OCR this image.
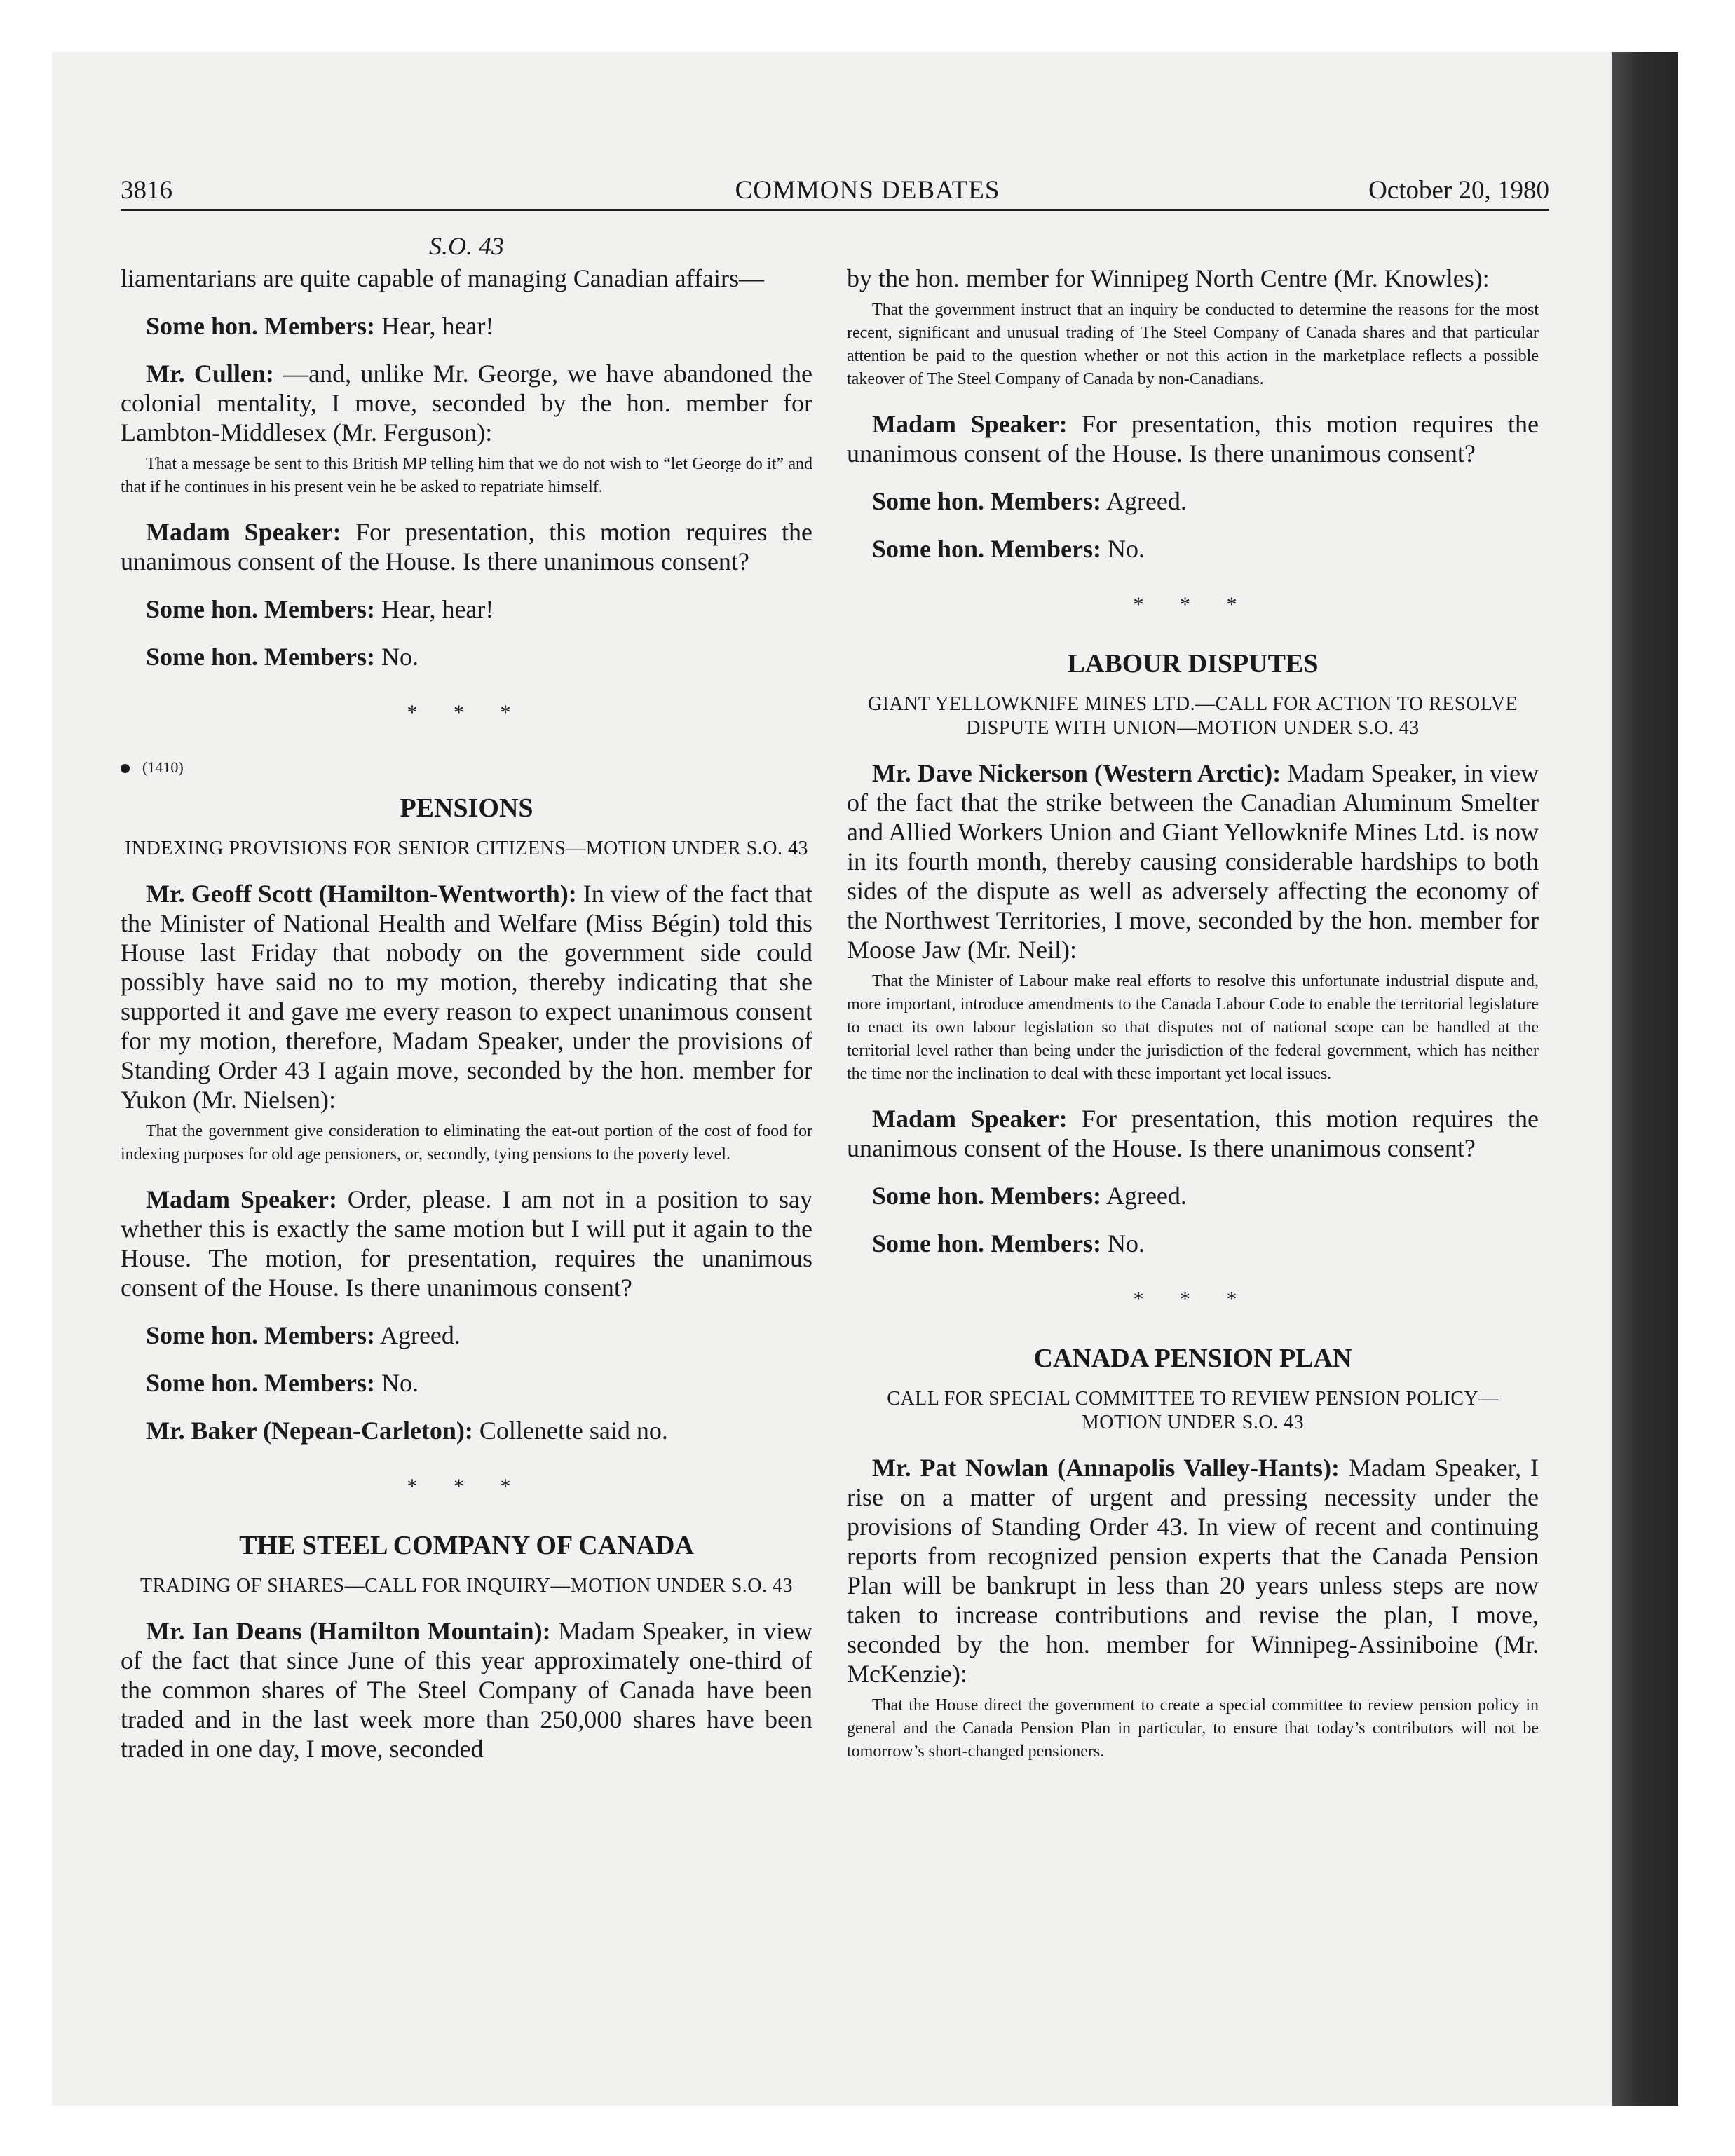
3816	COMMONS DEBATES	October 20, 1980
S.O. 43

liamentarians are quite capable of managing Canadian affairs—

Some hon. Members: Hear, hear!

Mr. Cullen: —and, unlike Mr. George, we have abandoned the colonial mentality, I move, seconded by the hon. member for Lambton-Middlesex (Mr. Ferguson):

That a message be sent to this British MP telling him that we do not wish to “let George do it” and that if he continues in his present vein he be asked to repatriate himself.

Madam Speaker: For presentation, this motion requires the unanimous consent of the House. Is there unanimous consent?

Some hon. Members: Hear, hear!

Some hon. Members: No.

* * *
(1410)
PENSIONS
INDEXING PROVISIONS FOR SENIOR CITIZENS—MOTION UNDER S.O. 43

Mr. Geoff Scott (Hamilton-Wentworth): In view of the fact that the Minister of National Health and Welfare (Miss Bégin) told this House last Friday that nobody on the government side could possibly have said no to my motion, thereby indicating that she supported it and gave me every reason to expect unanimous consent for my motion, therefore, Madam Speaker, under the provisions of Standing Order 43 I again move, seconded by the hon. member for Yukon (Mr. Nielsen):

That the government give consideration to eliminating the eat-out portion of the cost of food for indexing purposes for old age pensioners, or, secondly, tying pensions to the poverty level.

Madam Speaker: Order, please. I am not in a position to say whether this is exactly the same motion but I will put it again to the House. The motion, for presentation, requires the unanimous consent of the House. Is there unanimous consent?

Some hon. Members: Agreed.

Some hon. Members: No.

Mr. Baker (Nepean-Carleton): Collenette said no.

* * *
THE STEEL COMPANY OF CANADA
TRADING OF SHARES—CALL FOR INQUIRY—MOTION UNDER S.O. 43

Mr. Ian Deans (Hamilton Mountain): Madam Speaker, in view of the fact that since June of this year approximately one-third of the common shares of The Steel Company of Canada have been traded and in the last week more than 250,000 shares have been traded in one day, I move, seconded

by the hon. member for Winnipeg North Centre (Mr. Knowles):

That the government instruct that an inquiry be conducted to determine the reasons for the most recent, significant and unusual trading of The Steel Company of Canada shares and that particular attention be paid to the question whether or not this action in the marketplace reflects a possible takeover of The Steel Company of Canada by non-Canadians.

Madam Speaker: For presentation, this motion requires the unanimous consent of the House. Is there unanimous consent?

Some hon. Members: Agreed.

Some hon. Members: No.

* * *
LABOUR DISPUTES
GIANT YELLOWKNIFE MINES LTD.—CALL FOR ACTION TO RESOLVE DISPUTE WITH UNION—MOTION UNDER S.O. 43

Mr. Dave Nickerson (Western Arctic): Madam Speaker, in view of the fact that the strike between the Canadian Aluminum Smelter and Allied Workers Union and Giant Yellowknife Mines Ltd. is now in its fourth month, thereby causing considerable hardships to both sides of the dispute as well as adversely affecting the economy of the Northwest Territories, I move, seconded by the hon. member for Moose Jaw (Mr. Neil):

That the Minister of Labour make real efforts to resolve this unfortunate industrial dispute and, more important, introduce amendments to the Canada Labour Code to enable the territorial legislature to enact its own labour legislation so that disputes not of national scope can be handled at the territorial level rather than being under the jurisdiction of the federal government, which has neither the time nor the inclination to deal with these important yet local issues.

Madam Speaker: For presentation, this motion requires the unanimous consent of the House. Is there unanimous consent?

Some hon. Members: Agreed.

Some hon. Members: No.

* * *
CANADA PENSION PLAN
CALL FOR SPECIAL COMMITTEE TO REVIEW PENSION POLICY—MOTION UNDER S.O. 43

Mr. Pat Nowlan (Annapolis Valley-Hants): Madam Speaker, I rise on a matter of urgent and pressing necessity under the provisions of Standing Order 43. In view of recent and continuing reports from recognized pension experts that the Canada Pension Plan will be bankrupt in less than 20 years unless steps are now taken to increase contributions and revise the plan, I move, seconded by the hon. member for Winnipeg-Assiniboine (Mr. McKenzie):

That the House direct the government to create a special committee to review pension policy in general and the Canada Pension Plan in particular, to ensure that today’s contributors will not be tomorrow’s short-changed pensioners.
